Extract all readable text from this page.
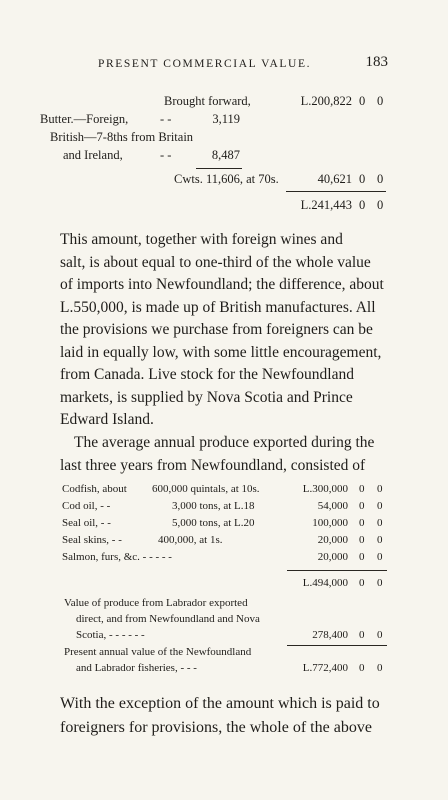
PRESENT COMMERCIAL VALUE.	183
Brought forward,	L.200,822 0 0
Butter.—Foreign,	- -	3,119
British—7-8ths from Britain
and Ireland,	- -	8,487
Cwts. 11,606, at 70s.	40,621 0 0
L.241,443 0 0
This amount, together with foreign wines and
salt, is about equal to one-third of the whole value
of imports into Newfoundland; the difference, about
L.550,000, is made up of British manufactures. All
the provisions we purchase from foreigners can be
laid in equally low, with some little encouragement,
from Canada. Live stock for the Newfoundland
markets, is supplied by Nova Scotia and Prince
Edward Island.
The average annual produce exported during the
last three years from Newfoundland, consisted of
Codfish, about 600,000 quintals, at 10s.	L.300,000 0 0
Cod oil, - -	3,000 tons, at L.18	54,000 0 0
Seal oil, - -	5,000 tons, at L.20	100,000 0 0
Seal skins, - -	400,000, at 1s.	20,000 0 0
Salmon, furs, &c. - - - - -	20,000 0 0
L.494,000 0 0
Value of produce from Labrador exported
direct, and from Newfoundland and Nova
Scotia, - - - - - -	278,400 0 0
Present annual value of the Newfoundland
and Labrador fisheries, - - -	L.772,400 0 0
With the exception of the amount which is paid to
foreigners for provisions, the whole of the above
